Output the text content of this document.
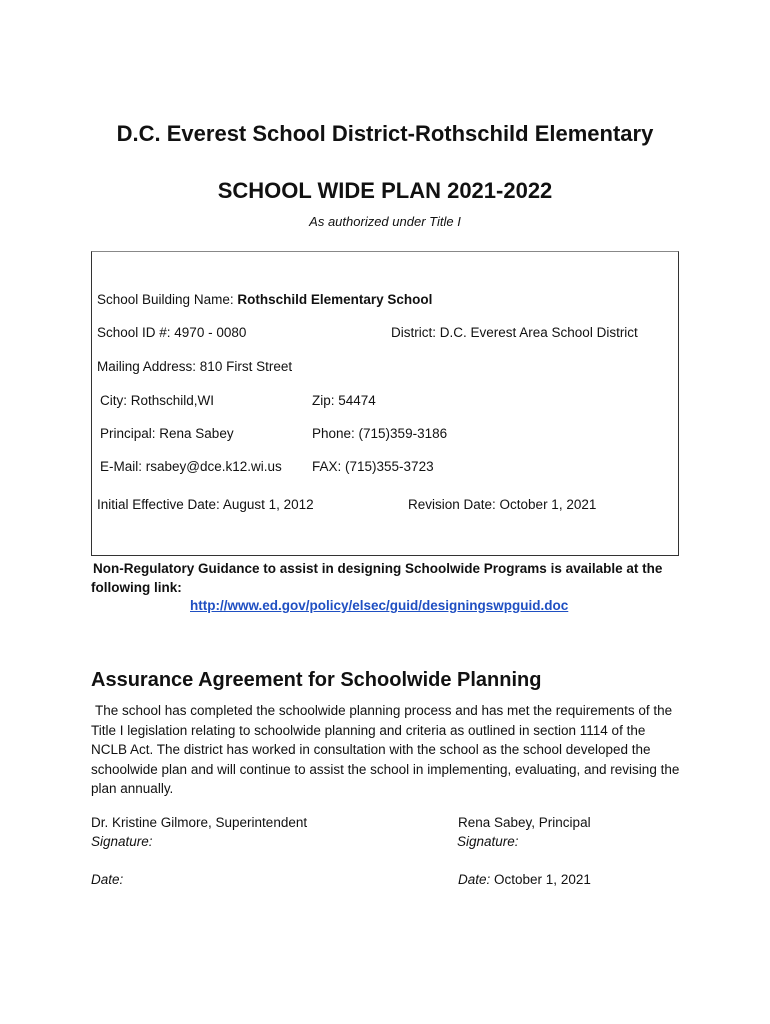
D.C. Everest School District-Rothschild Elementary
SCHOOL WIDE PLAN 2021-2022
As authorized under Title I
School Building Name: Rothschild Elementary School
School ID #: 4970 - 0080	District: D.C. Everest Area School District
Mailing Address: 810 First Street
City: Rothschild,WI	Zip: 54474
Principal: Rena Sabey	Phone: (715)359-3186
E-Mail: rsabey@dce.k12.wi.us FAX: (715)355-3723
Initial Effective Date: August 1, 2012	Revision Date: October 1, 2021
Non-Regulatory Guidance to assist in designing Schoolwide Programs is available at the
following link:
http://www.ed.gov/policy/elsec/guid/designingswpguid.doc
Assurance Agreement for Schoolwide Planning
The school has completed the schoolwide planning process and has met the requirements of the Title I legislation relating to schoolwide planning and criteria as outlined in section 1114 of the NCLB Act. The district has worked in consultation with the school as the school developed the schoolwide plan and will continue to assist the school in implementing, evaluating, and revising the plan annually.
Dr. Kristine Gilmore, Superintendent
Signature:
Date:
Rena Sabey, Principal
Signature:
Date: October 1, 2021
